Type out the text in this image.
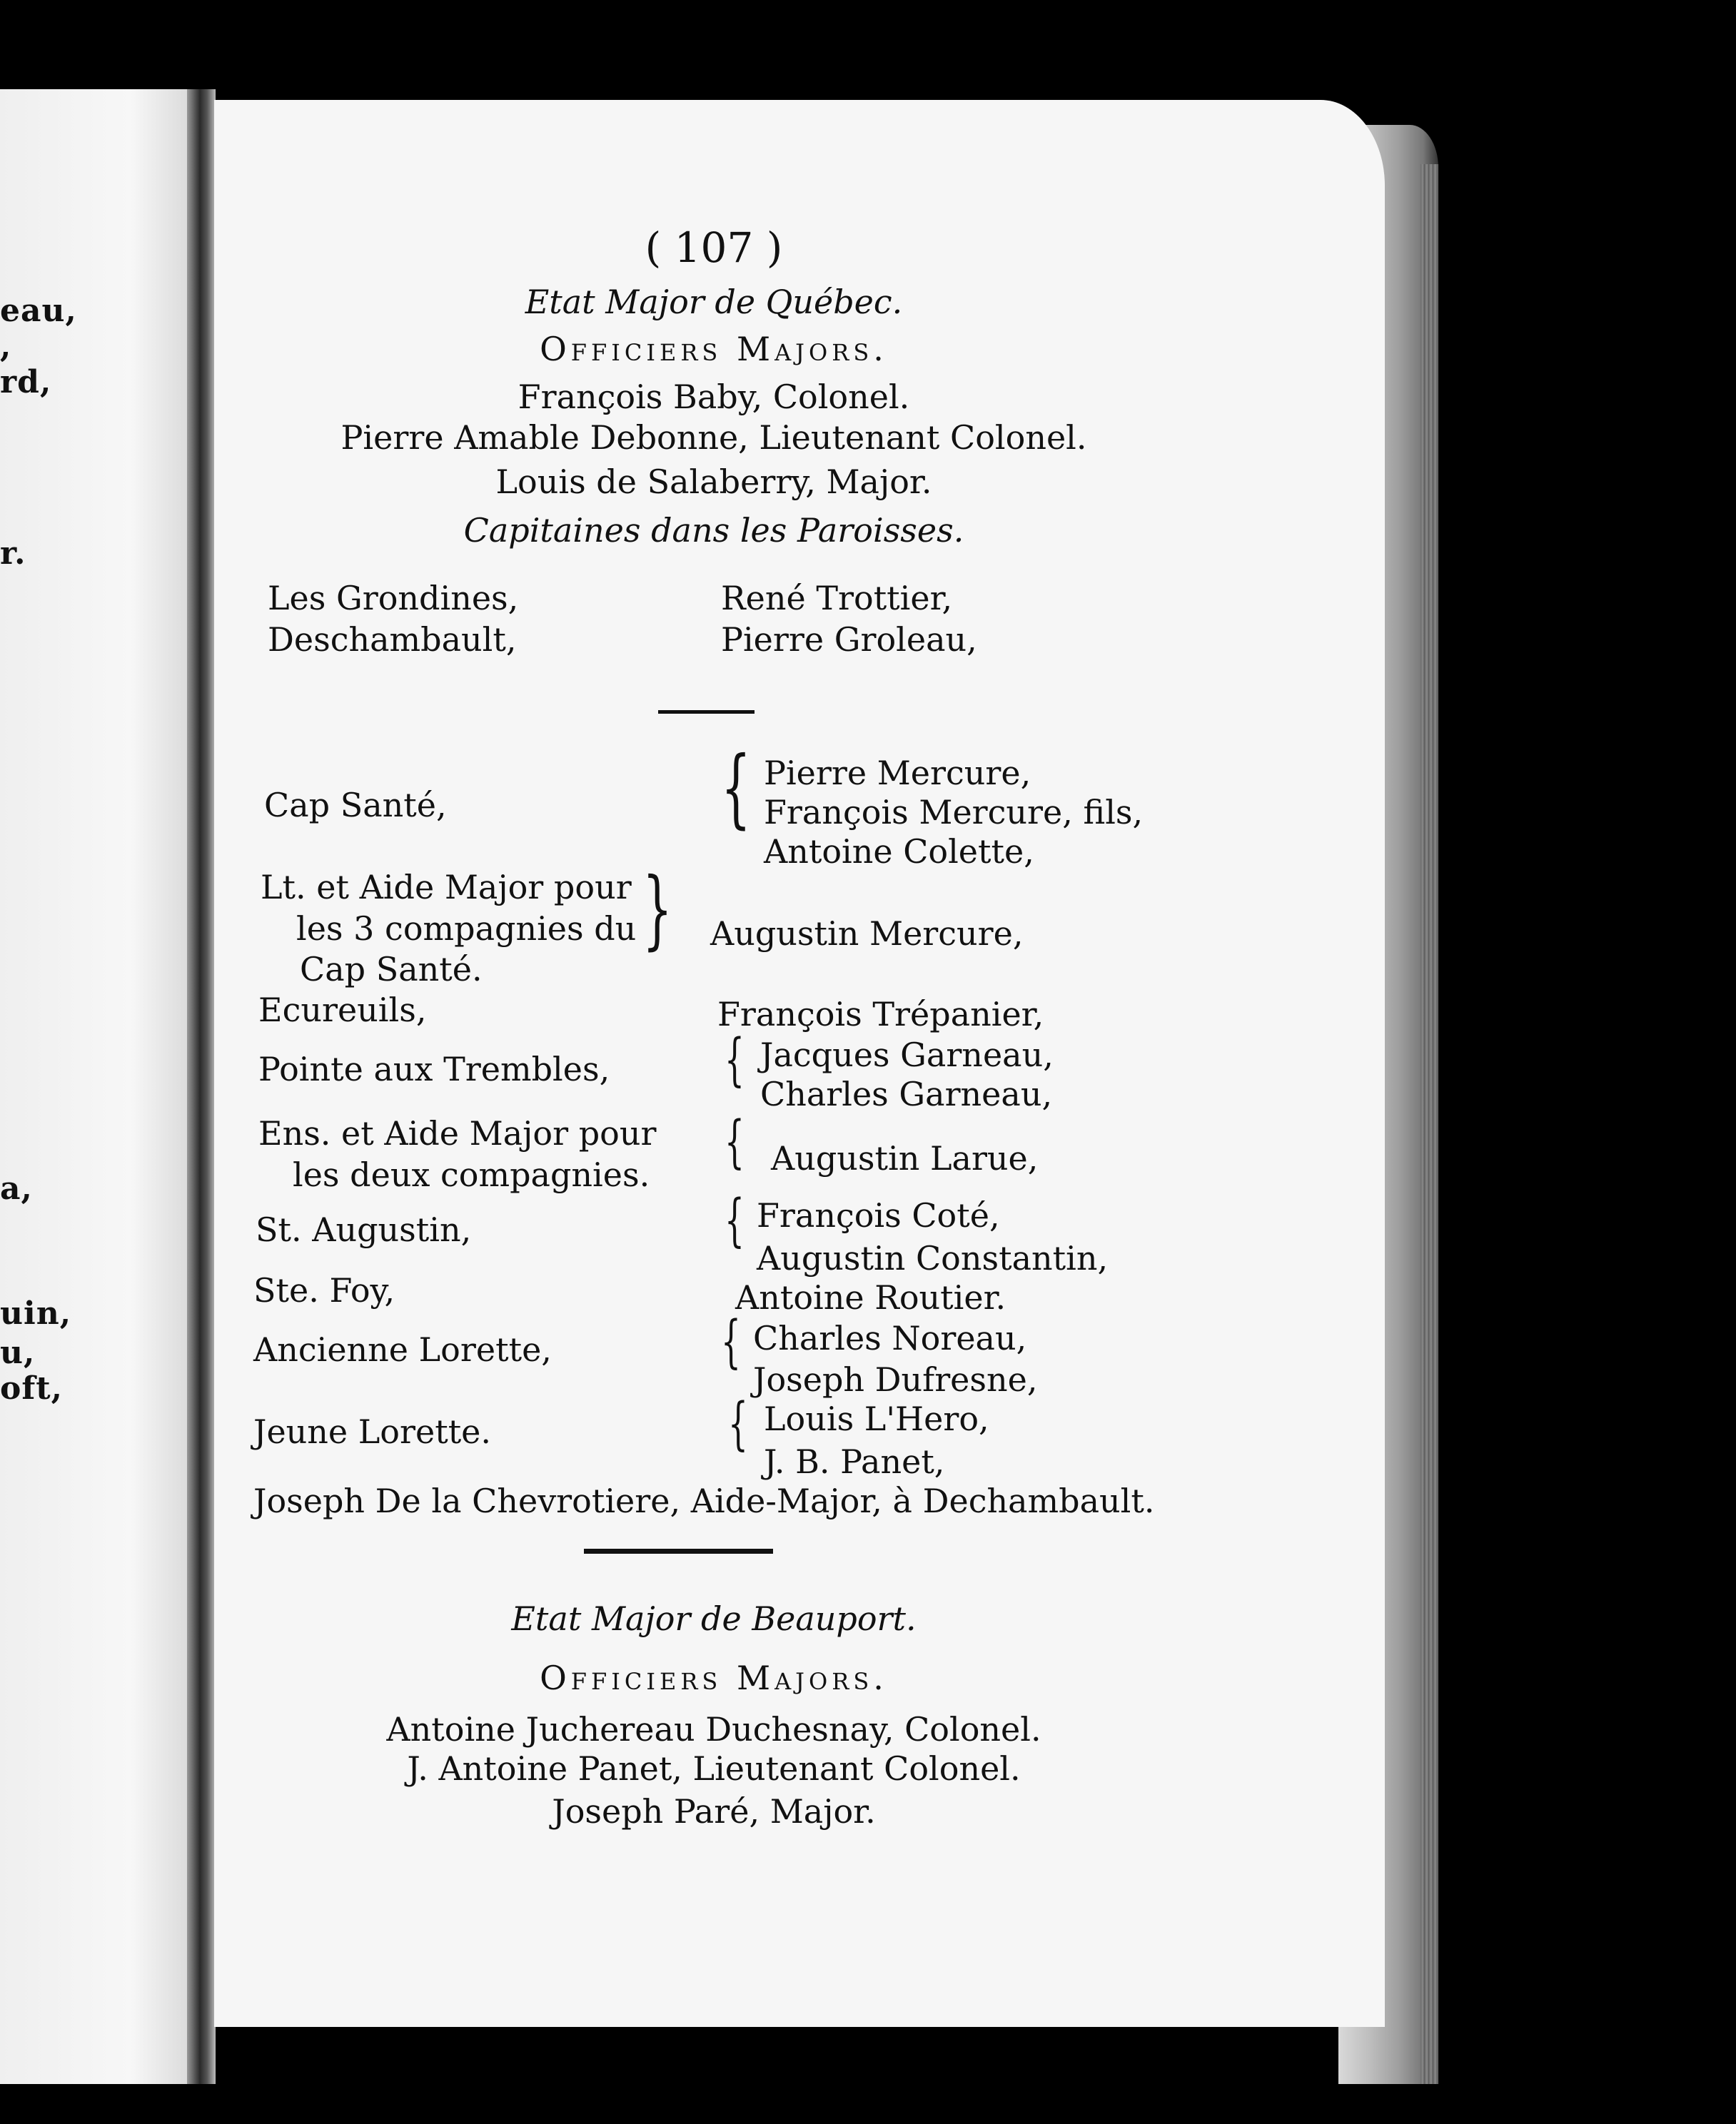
eau,
,
rd,
r.
a,
uin,
u,
oft,
( 107 )
Etat Major de Québec.
Officiers Majors.
François Baby, Colonel.
Pierre Amable Debonne, Lieutenant Colonel.
Louis de Salaberry, Major.
Capitaines dans les Paroisses.
Les Grondines,	René Trottier,
Deschambault,	Pierre Groleau,
Cap Santé,	{ Pierre Mercure,
François Mercure, fils,
Antoine Colette,
Lt. et Aide Major pour
les 3 compagnies du
Cap Santé.
} Augustin Mercure,
Ecureuils,	François Trépanier,
Pointe aux Trembles, { Jacques Garneau,
Charles Garneau,
Ens. et Aide Major pour
les deux compagnies. { Augustin Larue,
St. Augustin,	{ François Coté,
Augustin Constantin,
Ste. Foy,	Antoine Routier.
Ancienne Lorette,	{ Charles Noreau,
Joseph Dufresne,
Jeune Lorette.	{ Louis L'Hero,
J. B. Panet,
Joseph De la Chevrotiere, Aide-Major, à Dechambault.
Etat Major de Beauport.
Officiers Majors.
Antoine Juchereau Duchesnay, Colonel.
J. Antoine Panet, Lieutenant Colonel.
Joseph Paré, Major.
